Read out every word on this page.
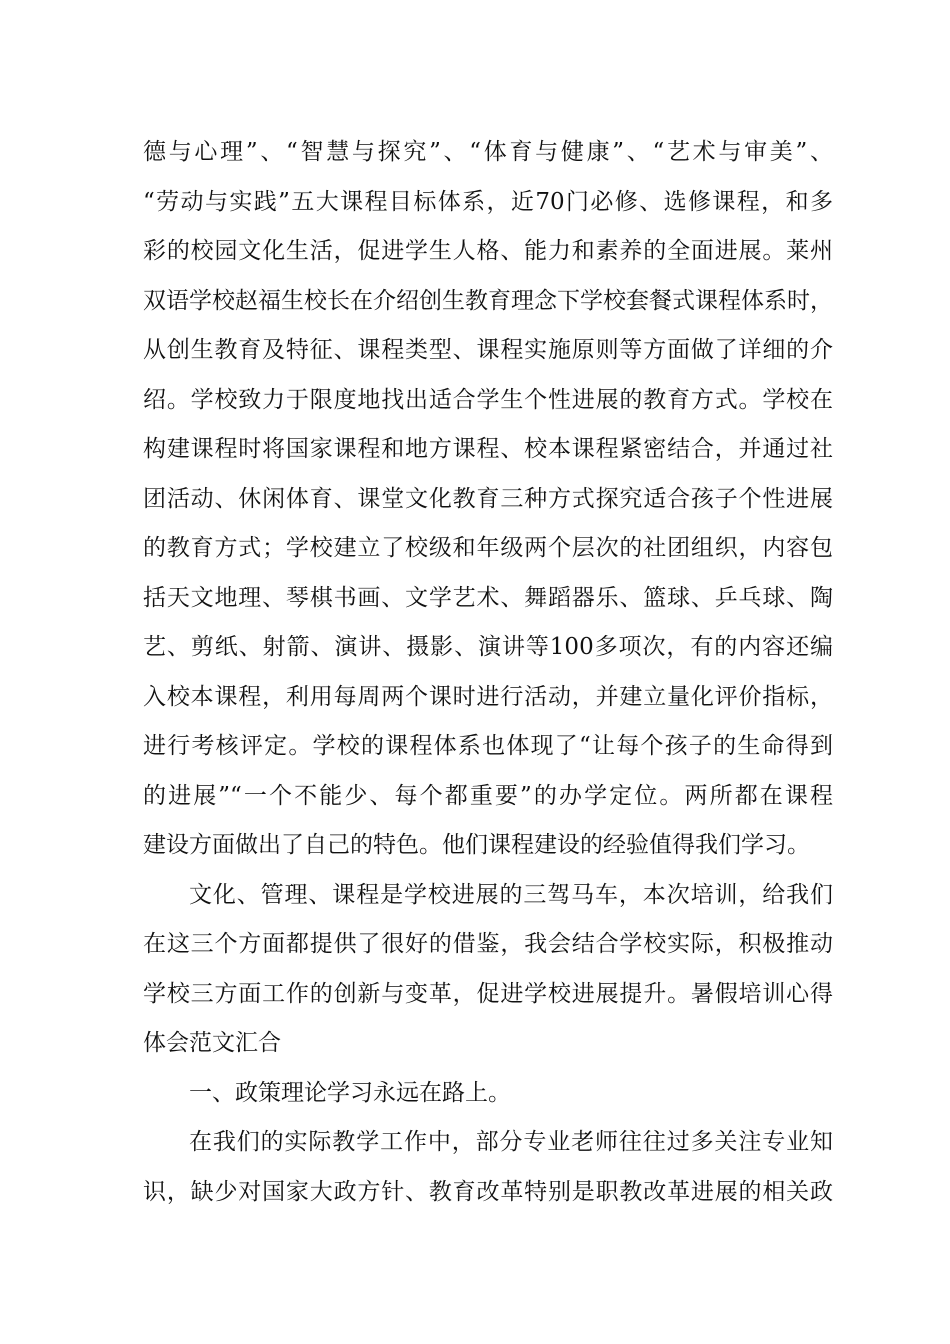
德与心理”、“智慧与探究”、“体育与健康”、“艺术与审美”、
“劳动与实践”五大课程目标体系，近70门必修、选修课程，和多
彩的校园文化生活，促进学生人格、能力和素养的全面进展。莱州
双语学校赵福生校长在介绍创生教育理念下学校套餐式课程体系时，
从创生教育及特征、课程类型、课程实施原则等方面做了详细的介
绍。学校致力于限度地找出适合学生个性进展的教育方式。学校在
构建课程时将国家课程和地方课程、校本课程紧密结合，并通过社
团活动、休闲体育、课堂文化教育三种方式探究适合孩子个性进展
的教育方式；学校建立了校级和年级两个层次的社团组织，内容包
括天文地理、琴棋书画、文学艺术、舞蹈器乐、篮球、乒乓球、陶
艺、剪纸、射箭、演讲、摄影、演讲等100多项次，有的内容还编
入校本课程，利用每周两个课时进行活动，并建立量化评价指标，
进行考核评定。学校的课程体系也体现了“让每个孩子的生命得到
的进展”“一个不能少、每个都重要”的办学定位。两所都在课程
建设方面做出了自己的特色。他们课程建设的经验值得我们学习。
文化、管理、课程是学校进展的三驾马车，本次培训，给我们
在这三个方面都提供了很好的借鉴，我会结合学校实际，积极推动
学校三方面工作的创新与变革，促进学校进展提升。暑假培训心得
体会范文汇合
一、政策理论学习永远在路上。
在我们的实际教学工作中，部分专业老师往往过多关注专业知
识，缺少对国家大政方针、教育改革特别是职教改革进展的相关政
